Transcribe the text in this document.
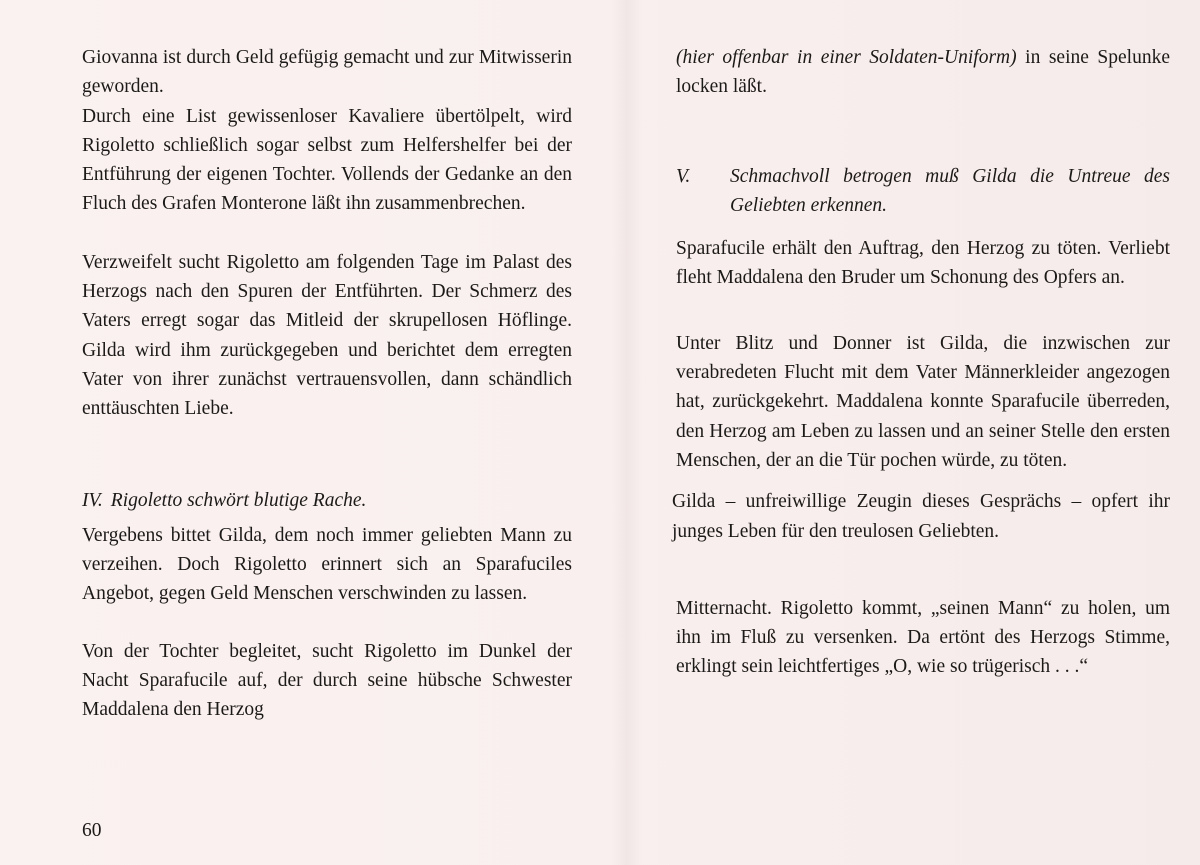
Giovanna ist durch Geld gefügig gemacht und zur Mitwisserin geworden.

Durch eine List gewissenloser Kavaliere übertölpelt, wird Rigoletto schließlich sogar selbst zum Helfershelfer bei der Entführung der eigenen Tochter. Vollends der Gedanke an den Fluch des Grafen Monterone läßt ihn zusammenbrechen.

Verzweifelt sucht Rigoletto am folgenden Tage im Palast des Herzogs nach den Spuren der Entführten. Der Schmerz des Vaters erregt sogar das Mitleid der skrupellosen Höflinge. Gilda wird ihm zurückgegeben und berichtet dem erregten Vater von ihrer zunächst vertrauensvollen, dann schändlich enttäuschten Liebe.

IV. Rigoletto schwört blutige Rache.

Vergebens bittet Gilda, dem noch immer geliebten Mann zu verzeihen. Doch Rigoletto erinnert sich an Sparafuciles Angebot, gegen Geld Menschen verschwinden zu lassen.

Von der Tochter begleitet, sucht Rigoletto im Dunkel der Nacht Sparafucile auf, der durch seine hübsche Schwester Maddalena den Herzog

60

(hier offenbar in einer Soldaten-Uniform) in seine Spelunke locken läßt.

V.	Schmachvoll betrogen muß Gilda die Untreue des Geliebten erkennen.

Sparafucile erhält den Auftrag, den Herzog zu töten. Verliebt fleht Maddalena den Bruder um Schonung des Opfers an.

Unter Blitz und Donner ist Gilda, die inzwischen zur verabredeten Flucht mit dem Vater Männerkleider angezogen hat, zurückgekehrt. Maddalena konnte Sparafucile überreden, den Herzog am Leben zu lassen und an seiner Stelle den ersten Menschen, der an die Tür pochen würde, zu töten.

Gilda – unfreiwillige Zeugin dieses Gesprächs – opfert ihr junges Leben für den treulosen Geliebten.

Mitternacht. Rigoletto kommt, „seinen Mann“ zu holen, um ihn im Fluß zu versenken. Da ertönt des Herzogs Stimme, erklingt sein leichtfertiges „O, wie so trügerisch . . .“
